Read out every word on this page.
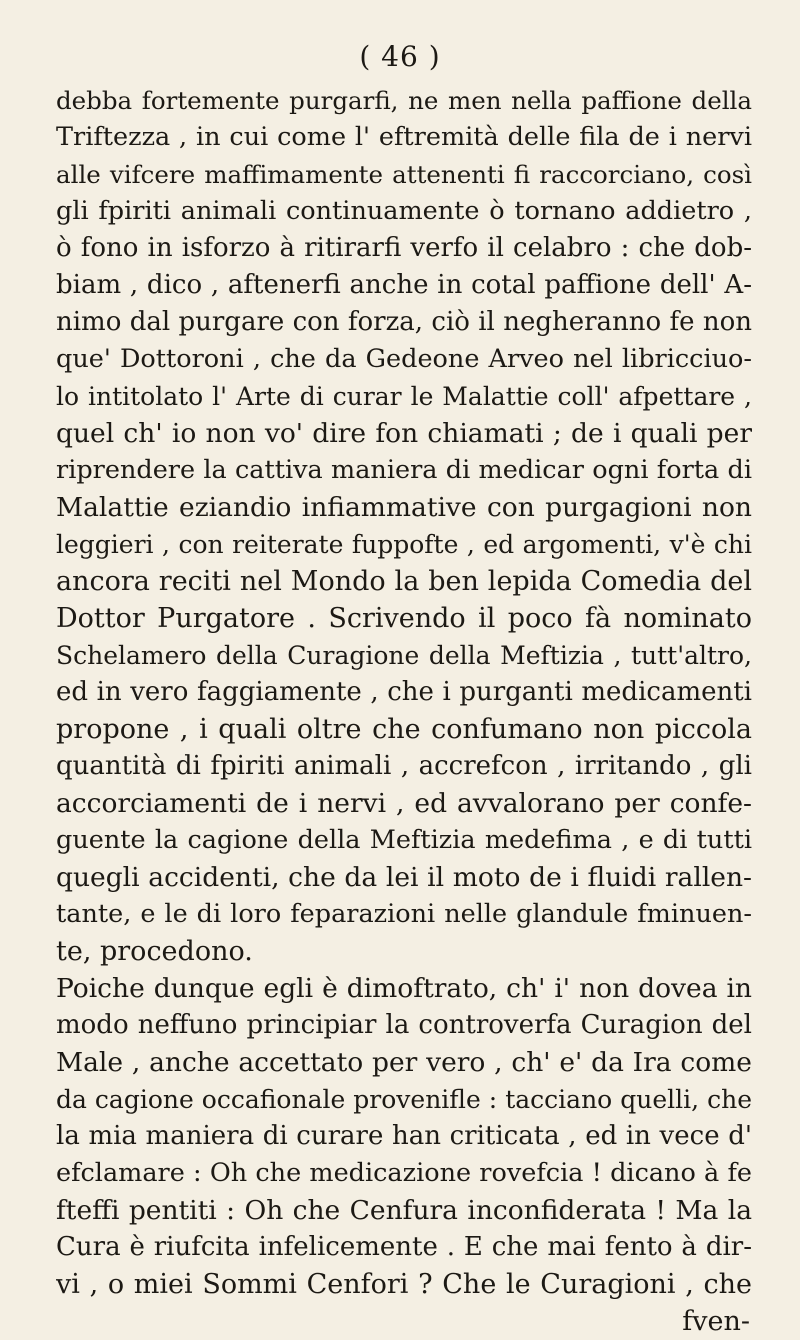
( 46 )
debba fortemente purgarfi, ne men nella paffione della
Triftezza , in cui come l' eftremità delle fila de i nervi
alle vifcere maffimamente attenenti fi raccorciano, così
gli fpiriti animali continuamente ò tornano addietro ,
ò fono in isforzo à ritirarfi verfo il celabro : che dob-
biam , dico , aftenerfi anche in cotal paffione dell' A-
nimo dal purgare con forza, ciò il negheranno fe non
que' Dottoroni , che da Gedeone Arveo nel libricciuo-
lo intitolato l' Arte di curar le Malattie coll' afpettare ,
quel ch' io non vo' dire fon chiamati ; de i quali per
riprendere la cattiva maniera di medicar ogni forta di
Malattie eziandio infiammative con purgagioni non
leggieri , con reiterate fuppofte , ed argomenti, v'è chi
ancora reciti nel Mondo la ben lepida Comedia del
Dottor Purgatore . Scrivendo il poco fà nominato
Schelamero della Curagione della Meftizia , tutt'altro,
ed in vero faggiamente , che i purganti medicamenti
propone , i quali oltre che confumano non piccola
quantità di fpiriti animali , accrefcon , irritando , gli
accorciamenti de i nervi , ed avvalorano per confe-
guente la cagione della Meftizia medefima , e di tutti
quegli accidenti, che da lei il moto de i fluidi rallen-
tante, e le di loro feparazioni nelle glandule fminuen-
te, procedono.
Poiche dunque egli è dimoftrato, ch' i' non dovea in
modo neffuno principiar la controverfa Curagion del
Male , anche accettato per vero , ch' e' da Ira come
da cagione occafionale provenifle : tacciano quelli, che
la mia maniera di curare han criticata , ed in vece d'
efclamare : Oh che medicazione rovefcia ! dicano à fe
fteffi pentiti : Oh che Cenfura inconfiderata ! Ma la
Cura è riufcita infelicemente . E che mai fento à dir-
vi , o miei Sommi Cenfori ? Che le Curagioni , che
fven-
